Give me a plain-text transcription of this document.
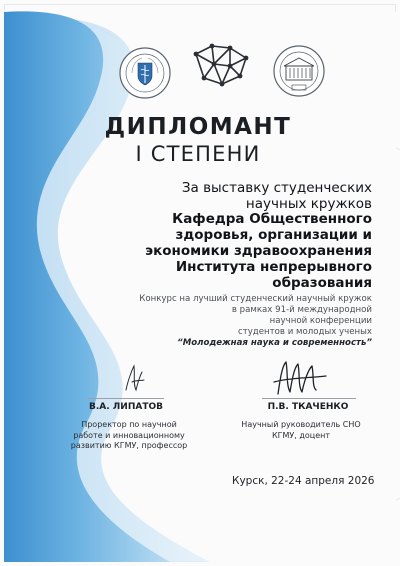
ДИПЛОМАНТ
I СТЕПЕНИ
За выставку студенческих
научных кружков
Кафедра Общественного
здоровья, организации и
экономики здравоохранения
Института непрерывного
образования
Конкурс на лучший студенческий научный кружок
в рамках 91-й международной
научной конференции
студентов и молодых ученых
“Молодежная наука и современность”
В.А. ЛИПАТОВ	П.В. ТКАЧЕНКО
Проректор по научной
работе и инновационному
развитию КГМУ, профессор
Научный руководитель СНО
КГМУ, доцент
Курск, 22-24 апреля 2026
